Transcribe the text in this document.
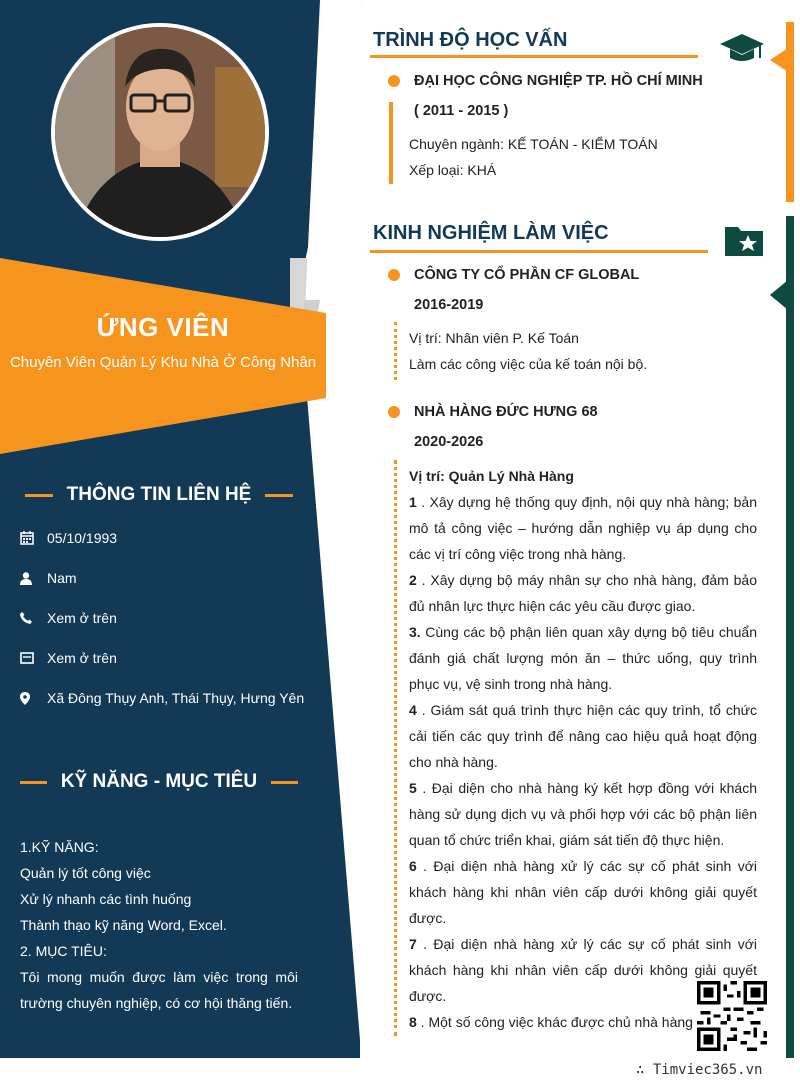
ỨNG VIÊN
Chuyên Viên Quản Lý Khu Nhà Ở Công Nhân
THÔNG TIN LIÊN HỆ
05/10/1993
Nam
Xem ở trên
Xem ở trên
Xã Đông Thụy Anh, Thái Thụy, Hưng Yên
KỸ NĂNG - MỤC TIÊU

1.KỸ NĂNG:

Quản lý tốt công việc

Xử lý nhanh các tình huống

Thành thạo kỹ năng Word, Excel.

2. MỤC TIÊU:

Tôi mong muốn được làm việc trong môi trường chuyên nghiệp, có cơ hội thăng tiến.

TRÌNH ĐỘ HỌC VẤN
ĐẠI HỌC CÔNG NGHIỆP TP. HỒ CHÍ MINH
( 2011 - 2015 )
Chuyên ngành: KẾ TOÁN - KIỂM TOÁN
Xếp loại: KHÁ
KINH NGHIỆM LÀM VIỆC
CÔNG TY CỔ PHẦN CF GLOBAL
2016-2019
Vị trí: Nhân viên P. Kế Toán
Làm các công việc của kế toán nội bộ.
NHÀ HÀNG ĐỨC HƯNG 68
2020-2026

Vị trí: Quản Lý Nhà Hàng

1 . Xây dựng hệ thống quy định, nội quy nhà hàng; bản mô tả công việc – hướng dẫn nghiệp vụ áp dụng cho các vị trí công việc trong nhà hàng.

2 . Xây dựng bộ máy nhân sự cho nhà hàng, đảm bảo đủ nhân lực thực hiện các yêu cầu được giao.

3. Cùng các bộ phận liên quan xây dựng bộ tiêu chuẩn đánh giá chất lượng món ăn – thức uống, quy trình phục vụ, vệ sinh trong nhà hàng.

4 . Giám sát quá trình thực hiện các quy trình, tổ chức cải tiến các quy trình để nâng cao hiệu quả hoạt động cho nhà hàng.

5 . Đại diện cho nhà hàng ký kết hợp đồng với khách hàng sử dụng dịch vụ và phối hợp với các bộ phận liên quan tổ chức triển khai, giám sát tiến độ thực hiện.

6 . Đại diện nhà hàng xử lý các sự cố phát sinh với khách hàng khi nhân viên cấp dưới không giải quyết được.

7 . Đại diện nhà hàng xử lý các sự cố phát sinh với khách hàng khi nhân viên cấp dưới không giải quyết được.

8 . Một số công việc khác được chủ nhà hàng

∴ Timviec365.vn
